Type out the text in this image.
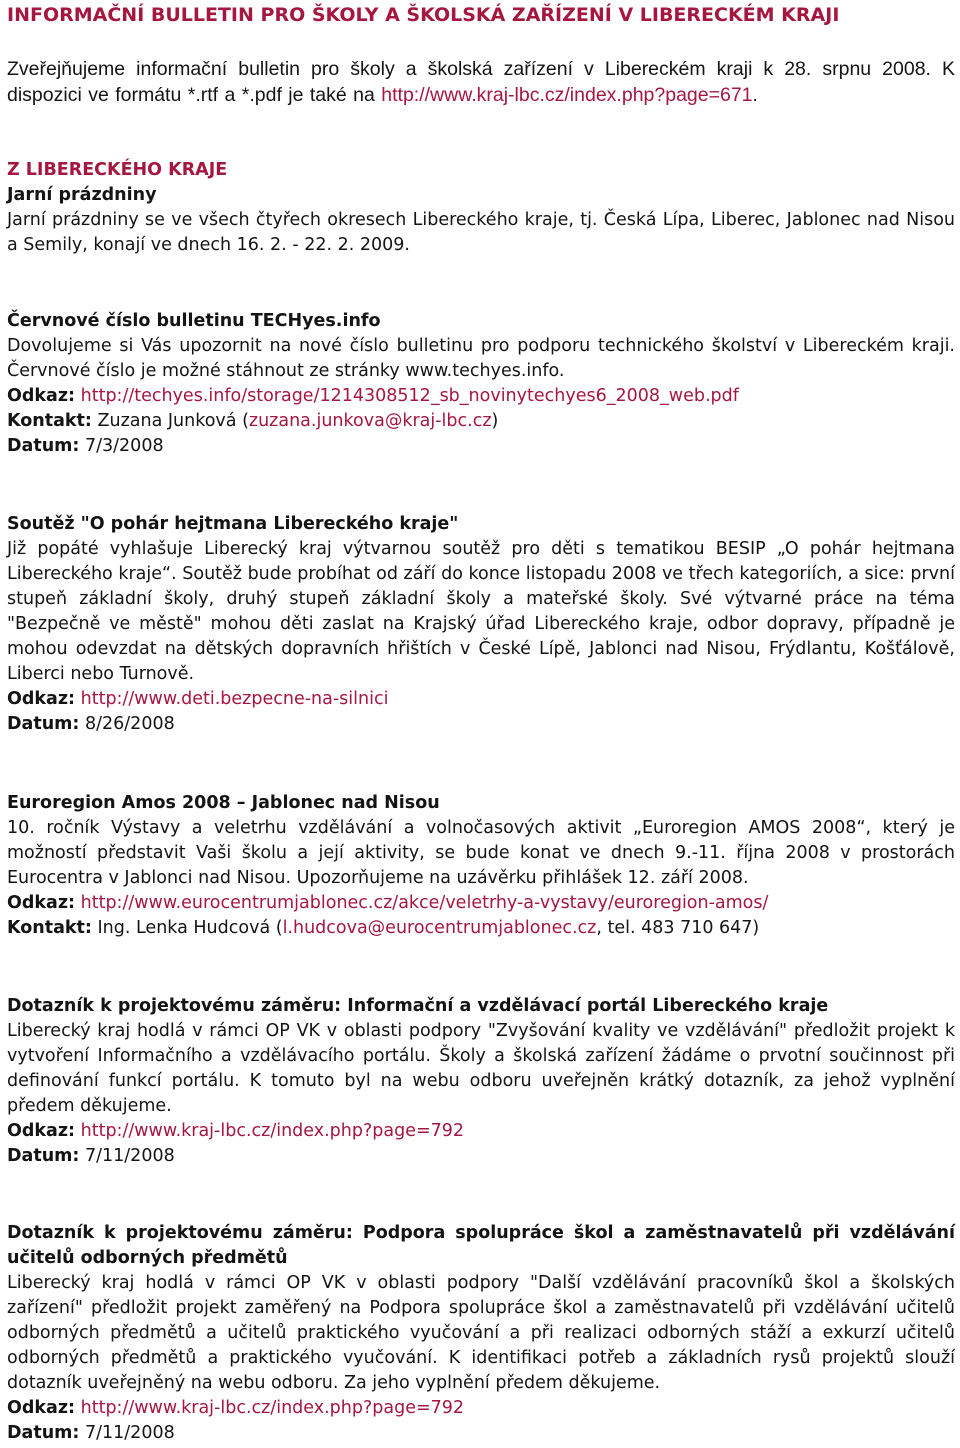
INFORMAČNÍ BULLETIN PRO ŠKOLY A ŠKOLSKÁ ZAŘÍZENÍ V LIBERECKÉM KRAJI
Zveřejňujeme informační bulletin pro školy a školská zařízení v Libereckém kraji k 28. srpnu 2008. K dispozici ve formátu *.rtf a *.pdf je také na http://www.kraj-lbc.cz/index.php?page=671.

Z LIBERECKÉHO KRAJE

Jarní prázdniny

Jarní prázdniny se ve všech čtyřech okresech Libereckého kraje, tj. Česká Lípa, Liberec, Jablonec nad Nisou a Semily, konají ve dnech 16. 2. - 22. 2. 2009.

Červnové číslo bulletinu TECHyes.info

Dovolujeme si Vás upozornit na nové číslo bulletinu pro podporu technického školství v Libereckém kraji. Červnové číslo je možné stáhnout ze stránky www.techyes.info.

Odkaz: http://techyes.info/storage/1214308512_sb_novinytechyes6_2008_web.pdf

Kontakt: Zuzana Junková (zuzana.junkova@kraj-lbc.cz)

Datum: 7/3/2008

Soutěž "O pohár hejtmana Libereckého kraje"

Již popáté vyhlašuje Liberecký kraj výtvarnou soutěž pro děti s tematikou BESIP „O pohár hejtmana Libereckého kraje“. Soutěž bude probíhat od září do konce listopadu 2008 ve třech kategoriích, a sice: první stupeň základní školy, druhý stupeň základní školy a mateřské školy. Své výtvarné práce na téma "Bezpečně ve městě" mohou děti zaslat na Krajský úřad Libereckého kraje, odbor dopravy, případně je mohou odevzdat na dětských dopravních hřištích v České Lípě, Jablonci nad Nisou, Frýdlantu, Košťálově, Liberci nebo Turnově.

Odkaz: http://www.deti.bezpecne-na-silnici

Datum: 8/26/2008

Euroregion Amos 2008 – Jablonec nad Nisou

10. ročník Výstavy a veletrhu vzdělávání a volnočasových aktivit „Euroregion AMOS 2008“, který je možností představit Vaši školu a její aktivity, se bude konat ve dnech 9.-11. října 2008 v prostorách Eurocentra v Jablonci nad Nisou. Upozorňujeme na uzávěrku přihlášek 12. září 2008.

Odkaz: http://www.eurocentrumjablonec.cz/akce/veletrhy-a-vystavy/euroregion-amos/

Kontakt: Ing. Lenka Hudcová (l.hudcova@eurocentrumjablonec.cz, tel. 483 710 647)

Dotazník k projektovému záměru: Informační a vzdělávací portál Libereckého kraje

Liberecký kraj hodlá v rámci OP VK v oblasti podpory "Zvyšování kvality ve vzdělávání" předložit projekt k vytvoření Informačního a vzdělávacího portálu. Školy a školská zařízení žádáme o prvotní součinnost při definování funkcí portálu. K tomuto byl na webu odboru uveřejněn krátký dotazník, za jehož vyplnění předem děkujeme.

Odkaz: http://www.kraj-lbc.cz/index.php?page=792

Datum: 7/11/2008

Dotazník k projektovému záměru: Podpora spolupráce škol a zaměstnavatelů při vzdělávání učitelů odborných předmětů

Liberecký kraj hodlá v rámci OP VK v oblasti podpory "Další vzdělávání pracovníků škol a školských zařízení" předložit projekt zaměřený na Podpora spolupráce škol a zaměstnavatelů při vzdělávání učitelů odborných předmětů a učitelů praktického vyučování a při realizaci odborných stáží a exkurzí učitelů odborných předmětů a praktického vyučování. K identifikaci potřeb a základních rysů projektů slouží dotazník uveřejněný na webu odboru. Za jeho vyplnění předem děkujeme.

Odkaz: http://www.kraj-lbc.cz/index.php?page=792

Datum: 7/11/2008
